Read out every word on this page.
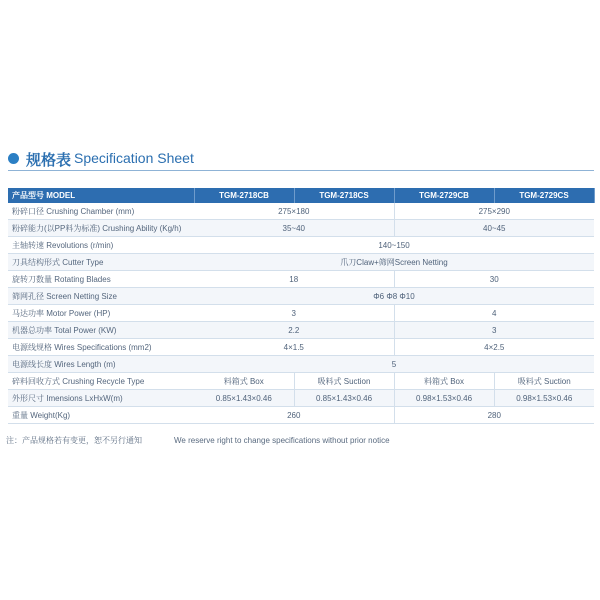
规格表 Specification Sheet
产品型号 MODEL	TGM-2718CB	TGM-2718CS	TGM-2729CB	TGM-2729CS
粉碎口径 Crushing Chamber (mm)	275×180		275×290	
粉碎能力(以PP料为标准) Crushing Ability (Kg/h)	35~40		40~45	
主轴转速 Revolutions (r/min)	140~150			
刀具结构形式 Cutter Type	爪刀Claw+筛网Screen Netting			
旋转刀数量 Rotating Blades	18		30	
筛网孔径 Screen Netting Size	Φ6 Φ8 Φ10			
马达功率 Motor Power (HP)	3		4	
机器总功率 Total Power (KW)	2.2		3	
电源线规格 Wires Specifications (mm2)	4×1.5		4×2.5	
电源线长度 Wires Length (m)	5			
碎料回收方式 Crushing Recycle Type	料箱式 Box	吸料式 Suction	料箱式 Box	吸料式 Suction
外形尺寸 Imensions LxHxW(m)	0.85×1.43×0.46	0.85×1.43×0.46	0.98×1.53×0.46	0.98×1.53×0.46
重量 Weight(Kg)	260		280	
注：产品规格若有变更，恕不另行通知	We reserve right to change specifications without prior notice
